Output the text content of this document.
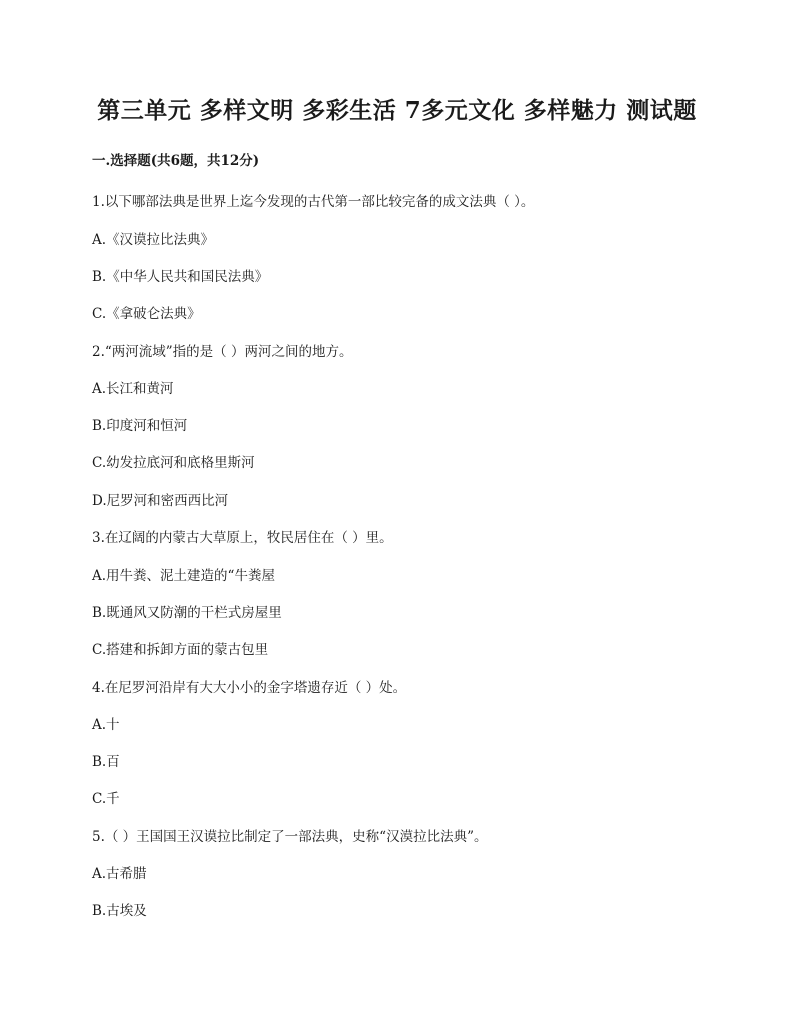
第三单元 多样文明 多彩生活 7多元文化 多样魅力 测试题
一.选择题(共6题，共12分)
1.以下哪部法典是世界上迄今发现的古代第一部比较完备的成文法典（ ）。
A.《汉谟拉比法典》
B.《中华人民共和国民法典》
C.《拿破仑法典》
2.“两河流域”指的是（ ）两河之间的地方。
A.长江和黄河
B.印度河和恒河
C.幼发拉底河和底格里斯河
D.尼罗河和密西西比河
3.在辽阔的内蒙古大草原上，牧民居住在（ ）里。
A.用牛粪、泥土建造的“牛粪屋
B.既通风又防潮的干栏式房屋里
C.搭建和拆卸方面的蒙古包里
4.在尼罗河沿岸有大大小小的金字塔遗存近（ ）处。
A.十
B.百
C.千
5.（ ）王国国王汉谟拉比制定了一部法典，史称“汉漠拉比法典”。
A.古希腊
B.古埃及
